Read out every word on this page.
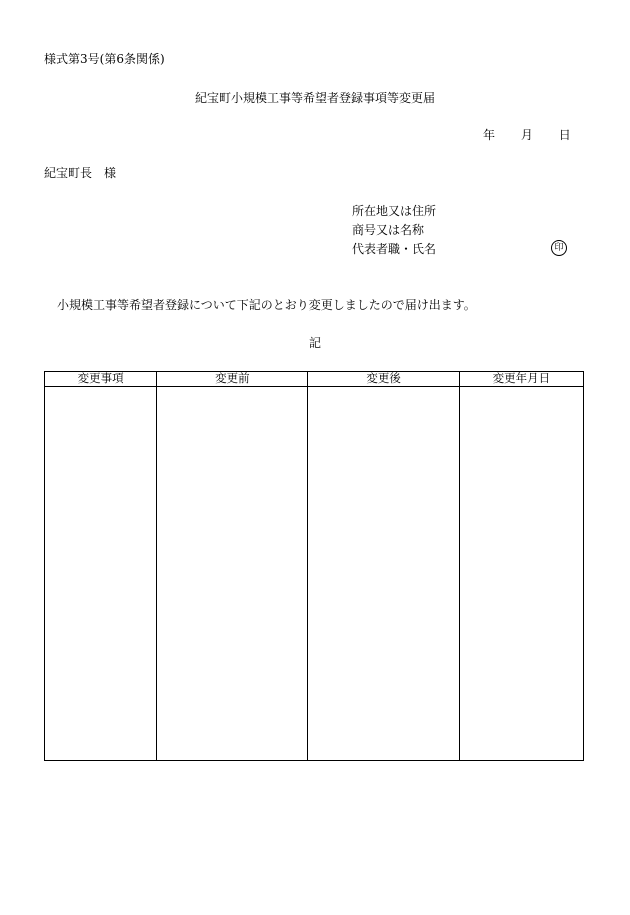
様式第3号(第6条関係)
紀宝町小規模工事等希望者登録事項等変更届
年 月 日
紀宝町長 様
所在地又は住所
商号又は名称
代表者職・氏名	印
小規模工事等希望者登録について下記のとおり変更しましたので届け出ます。
記
変更事項	変更前	変更後	変更年月日
